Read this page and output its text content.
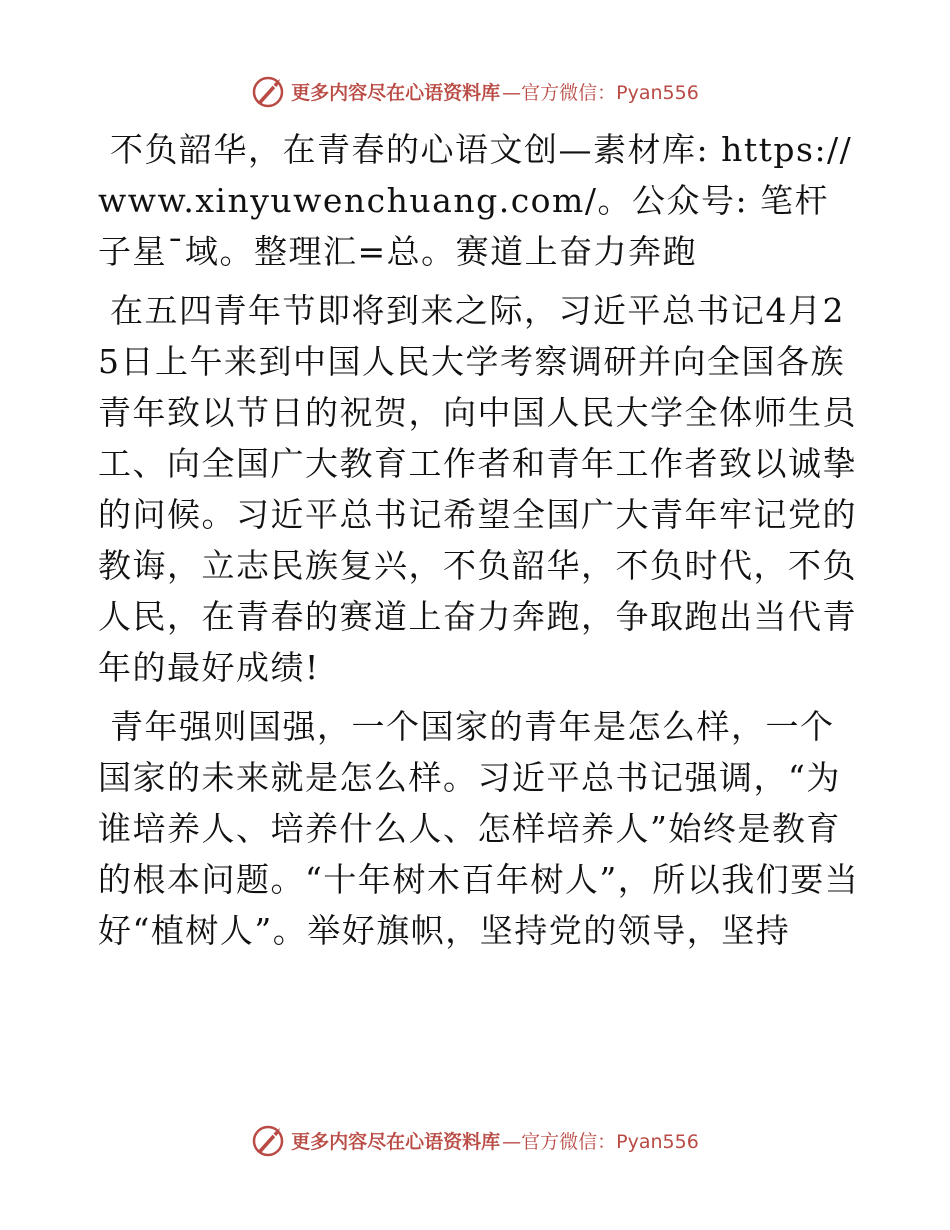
更多内容尽在心语资料库 —官方微信：Pyan556

不负韶华，在青春的心语文创—素材库: https://www.xinyuwenchuang.com/。公众号: 笔杆子星¯域。整理汇=总。赛道上奋力奔跑

在五四青年节即将到来之际，习近平总书记4月25日上午来到中国人民大学考察调研并向全国各族青年致以节日的祝贺，向中国人民大学全体师生员工、向全国广大教育工作者和青年工作者致以诚挚的问候。习近平总书记希望全国广大青年牢记党的教诲，立志民族复兴，不负韶华，不负时代，不负人民，在青春的赛道上奋力奔跑，争取跑出当代青年的最好成绩!

青年强则国强，一个国家的青年是怎么样，一个国家的未来就是怎么样。习近平总书记强调，“为谁培养人、培养什么人、怎样培养人”始终是教育的根本问题。“十年树木百年树人”，所以我们要当好“植树人”。举好旗帜，坚持党的领导，坚持

更多内容尽在心语资料库 —官方微信：Pyan556
